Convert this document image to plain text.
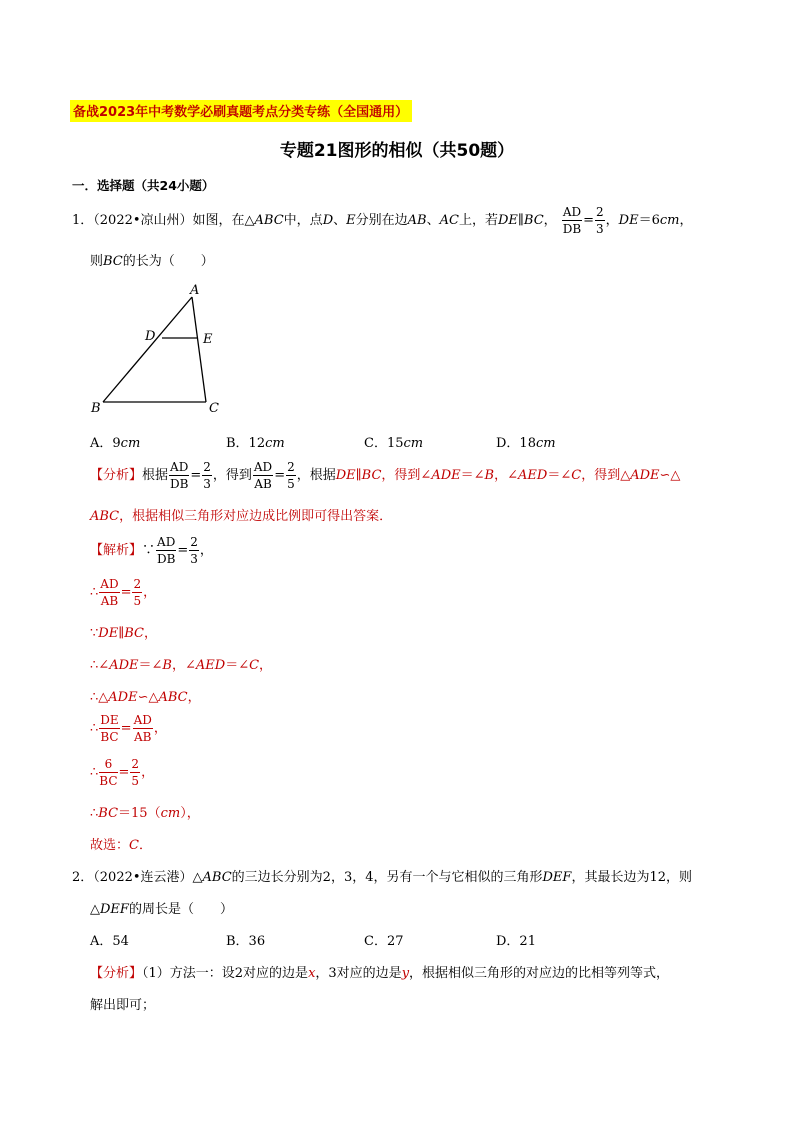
备战2023年中考数学必刷真题考点分类专练（全国通用）
专题21图形的相似（共50题）
一．选择题（共24小题）
1．（2022•凉山州）如图，在△ABC中，点D、E分别在边AB、AC上，若DE∥BC， $\frac{AD}{DB} = \frac{2}{3}$ ，DE＝6cm，
则BC的长为（　　）
A
B	C
D	E
A．9cm	B．12cm	C．15cm	D．18cm
【分析】根据 $\frac{AD}{DB} = \frac{2}{3}$ ，得到 $\frac{AD}{AB} = \frac{2}{5}$ ，根据DE∥BC，得到∠ADE＝∠B，∠AED＝∠C，得到△ADE∽△
ABC，根据相似三角形对应边成比例即可得出答案．
【解析】∵ $\frac{AD}{DB} = \frac{2}{3}$ ，
∴ $\frac{AD}{AB} = \frac{2}{5}$ ，
∵DE∥BC，
∴∠ADE＝∠B，∠AED＝∠C，
∴△ADE∽△ABC，
∴ $\frac{DE}{BC} = \frac{AD}{AB}$ ，
∴ $\frac{6}{BC} = \frac{2}{5}$ ，
∴BC＝15（cm），
故选：C．
2．（2022•连云港）△ABC的三边长分别为2，3，4，另有一个与它相似的三角形DEF，其最长边为12，则
△DEF的周长是（　　）
A．54	B．36	C．27	D．21
【分析】（1）方法一：设2对应的边是x，3对应的边是y，根据相似三角形的对应边的比相等列等式，
解出即可；
